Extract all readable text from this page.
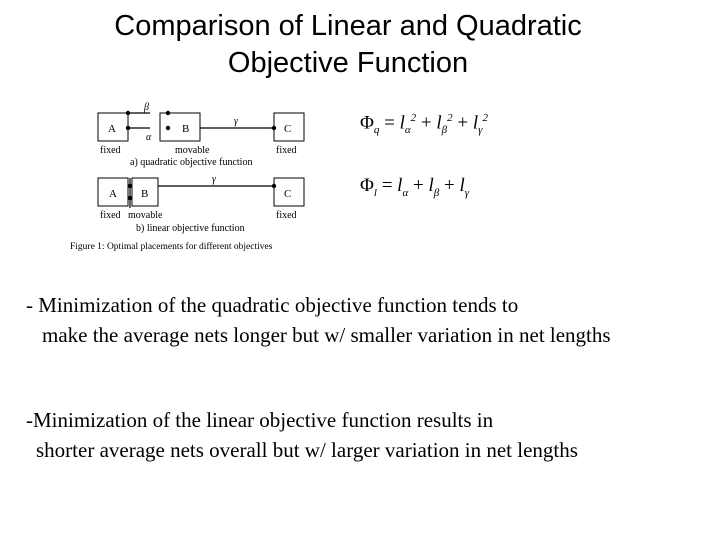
Comparison of Linear and Quadratic
Objective Function
A	B	C
β
α
γ
fixed	movable	fixed
a) quadratic objective function
A B	C
γ
fixed movable	fixed
b) linear objective function
Figure 1: Optimal placements for different objectives
$\Phi_q = l_\alpha^2 + l_\beta^2 + l_\gamma^2$
$\Phi_l = l_\alpha + l_\beta + l_\gamma$
- Minimization of the quadratic objective function tends to
make the average nets longer but w/ smaller variation in net lengths
-Minimization of the linear objective function results in
shorter average nets overall but w/ larger variation in net lengths
